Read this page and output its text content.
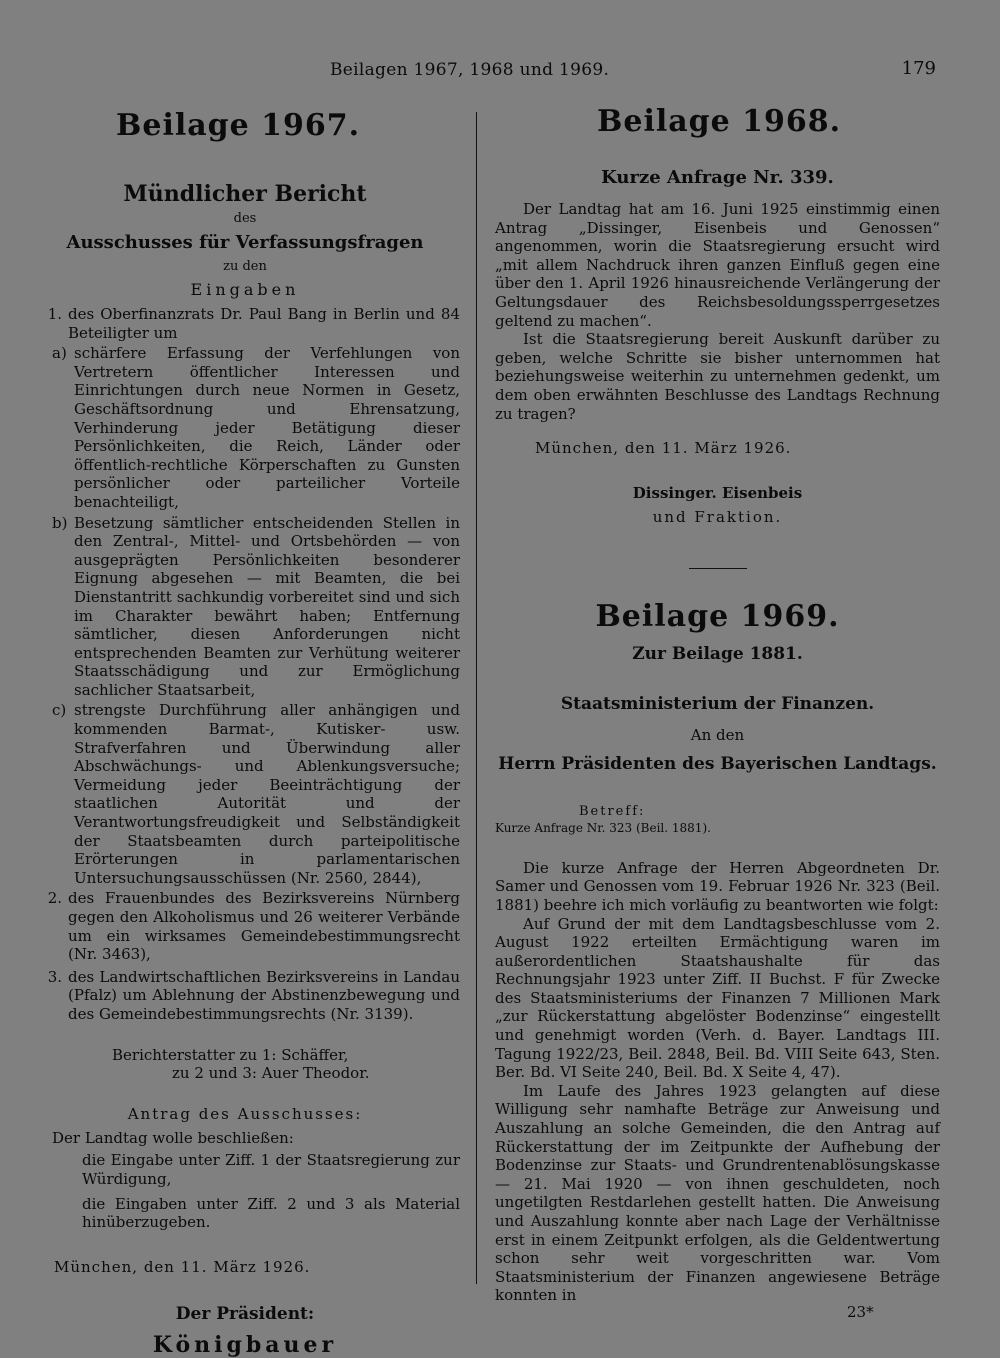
Beilagen 1967, 1968 und 1969.	179

Beilage 1967.

Mündlicher Bericht

des

Ausschusses für Verfassungsfragen

zu den

Eingaben

1. des Oberfinanzrats Dr. Paul Bang in Berlin und 84 Beteiligter um
a) schärfere Erfassung der Verfehlungen von Vertretern öffentlicher Interessen und Einrichtungen durch neue Normen in Gesetz, Geschäftsordnung und Ehrensatzung, Verhinderung jeder Betätigung dieser Persönlichkeiten, die Reich, Länder oder öffentlich-rechtliche Körperschaften zu Gunsten persönlicher oder parteilicher Vorteile benachteiligt,
b) Besetzung sämtlicher entscheidenden Stellen in den Zentral-, Mittel- und Ortsbehörden — von ausgeprägten Persönlichkeiten besonderer Eignung abgesehen — mit Beamten, die bei Dienstantritt sachkundig vorbereitet sind und sich im Charakter bewährt haben; Entfernung sämtlicher, diesen Anforderungen nicht entsprechenden Beamten zur Verhütung weiterer Staatsschädigung und zur Ermöglichung sachlicher Staatsarbeit,
c) strengste Durchführung aller anhängigen und kommenden Barmat-, Kutisker- usw. Strafverfahren und Überwindung aller Abschwächungs- und Ablenkungsversuche; Vermeidung jeder Beeinträchtigung der staatlichen Autorität und der Verantwortungsfreudigkeit und Selbständigkeit der Staatsbeamten durch parteipolitische Erörterungen in parlamentarischen Untersuchungsausschüssen (Nr. 2560, 2844),
2. des Frauenbundes des Bezirksvereins Nürnberg gegen den Alkoholismus und 26 weiterer Verbände um ein wirksames Gemeindebestimmungsrecht (Nr. 3463),
3. des Landwirtschaftlichen Bezirksvereins in Landau (Pfalz) um Ablehnung der Abstinenzbewegung und des Gemeindebestimmungsrechts (Nr. 3139).

Berichterstatter zu 1: Schäffer,

zu 2 und 3: Auer Theodor.

Antrag des Ausschusses:

Der Landtag wolle beschließen:

die Eingabe unter Ziff. 1 der Staatsregierung zur Würdigung,

die Eingaben unter Ziff. 2 und 3 als Material hinüberzugeben.

München, den 11. März 1926.

Der Präsident:

Königbauer

Beilage 1968.

Kurze Anfrage Nr. 339.

Der Landtag hat am 16. Juni 1925 einstimmig einen Antrag „Dissinger, Eisenbeis und Genossen“ angenommen, worin die Staatsregierung ersucht wird „mit allem Nachdruck ihren ganzen Einfluß gegen eine über den 1. April 1926 hinausreichende Verlängerung der Geltungsdauer des Reichsbesoldungssperrgesetzes geltend zu machen“.

Ist die Staatsregierung bereit Auskunft darüber zu geben, welche Schritte sie bisher unternommen hat beziehungsweise weiterhin zu unternehmen gedenkt, um dem oben erwähnten Beschlusse des Landtags Rechnung zu tragen?

München, den 11. März 1926.

Dissinger. Eisenbeis

und Fraktion.

Beilage 1969.

Zur Beilage 1881.

Staatsministerium der Finanzen.

An den

Herrn Präsidenten des Bayerischen Landtags.

Betreff:

Kurze Anfrage Nr. 323 (Beil. 1881).

Die kurze Anfrage der Herren Abgeordneten Dr. Samer und Genossen vom 19. Februar 1926 Nr. 323 (Beil. 1881) beehre ich mich vorläufig zu beantworten wie folgt:

Auf Grund der mit dem Landtagsbeschlusse vom 2. August 1922 erteilten Ermächtigung waren im außerordentlichen Staatshaushalte für das Rechnungsjahr 1923 unter Ziff. II Buchst. F für Zwecke des Staatsministeriums der Finanzen 7 Millionen Mark „zur Rückerstattung abgelöster Bodenzinse“ eingestellt und genehmigt worden (Verh. d. Bayer. Landtags III. Tagung 1922/23, Beil. 2848, Beil. Bd. VIII Seite 643, Sten. Ber. Bd. VI Seite 240, Beil. Bd. X Seite 4, 47).

Im Laufe des Jahres 1923 gelangten auf diese Willigung sehr namhafte Beträge zur Anweisung und Auszahlung an solche Gemeinden, die den Antrag auf Rückerstattung der im Zeitpunkte der Aufhebung der Bodenzinse zur Staats- und Grundrentenablösungskasse — 21. Mai 1920 — von ihnen geschuldeten, noch ungetilgten Restdarlehen gestellt hatten. Die Anweisung und Auszahlung konnte aber nach Lage der Verhältnisse erst in einem Zeitpunkt erfolgen, als die Geldentwertung schon sehr weit vorgeschritten war. Vom Staatsministerium der Finanzen angewiesene Beträge konnten in

23*
